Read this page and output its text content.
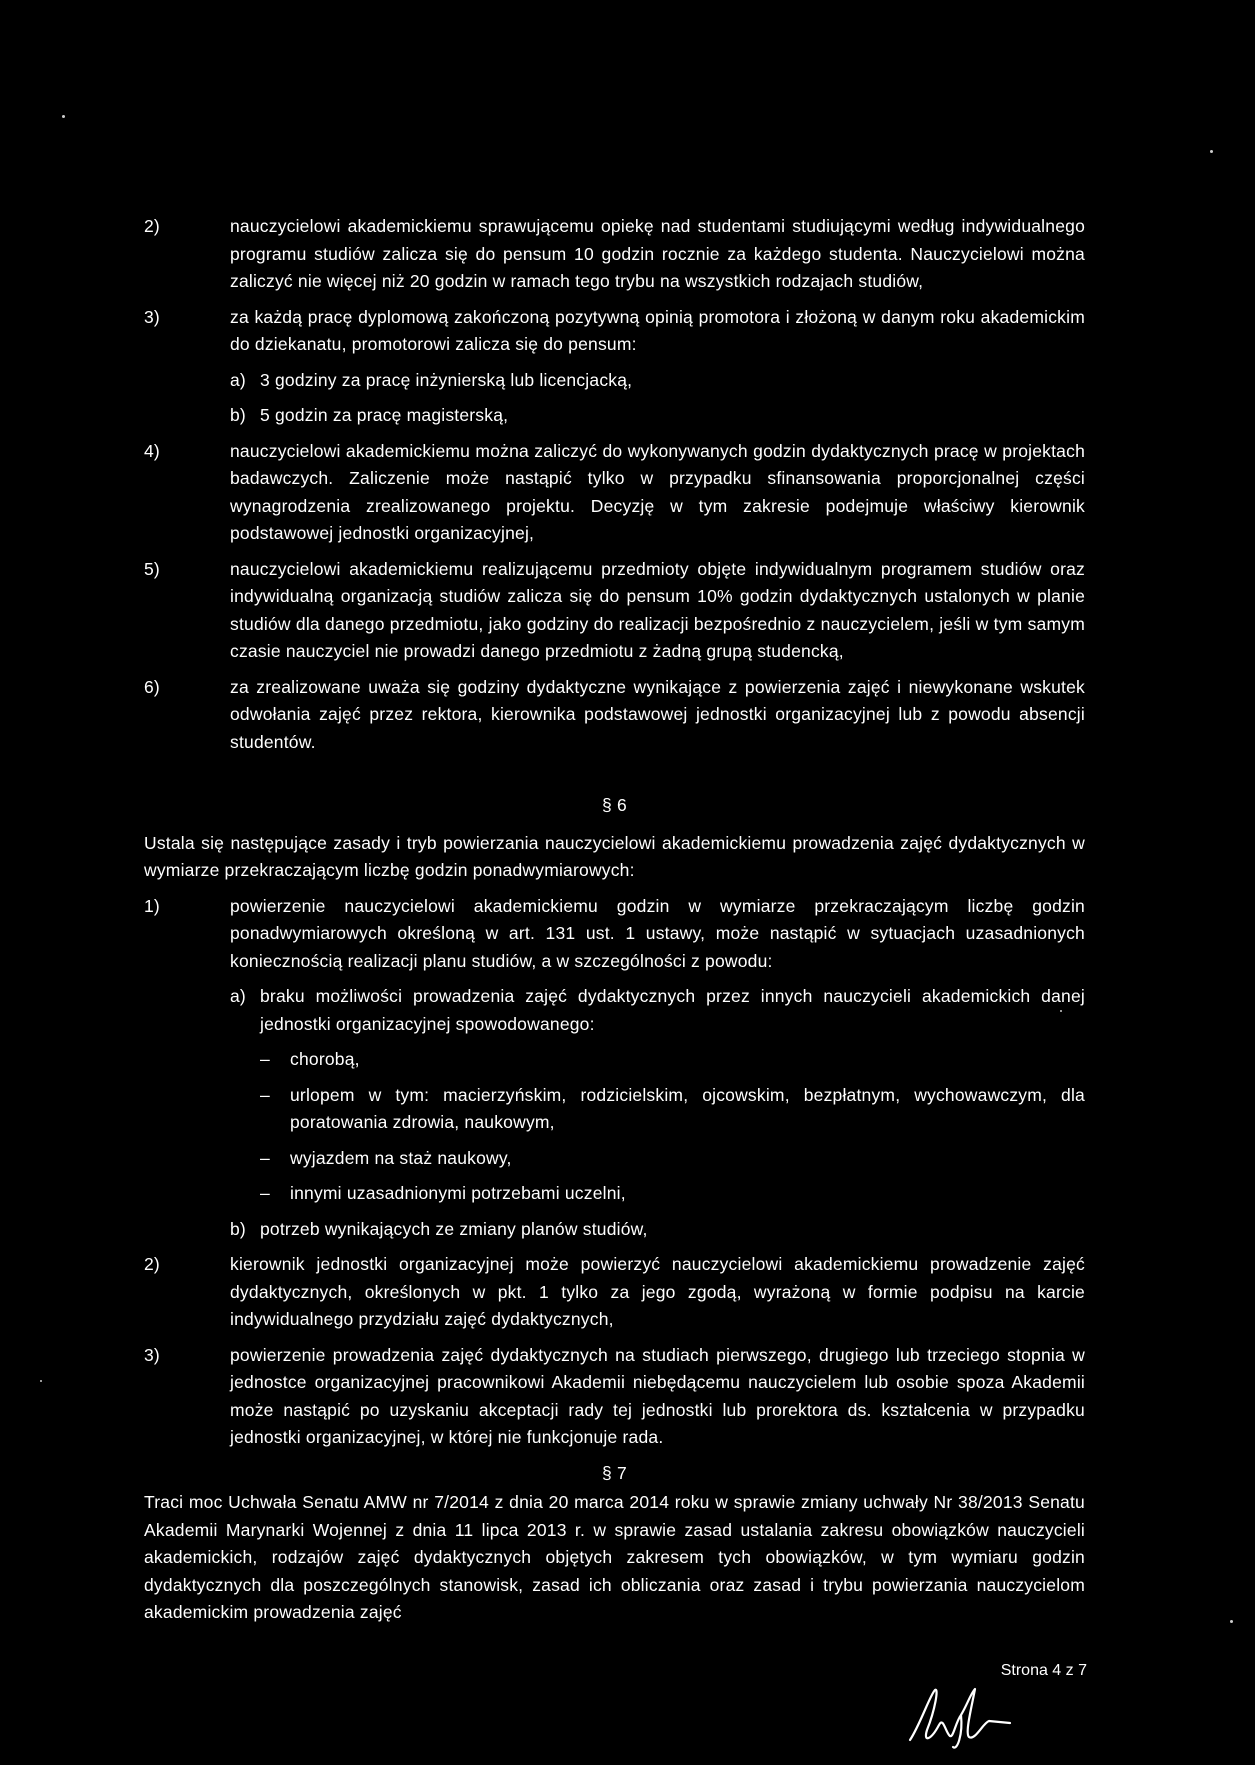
2)	nauczycielowi akademickiemu sprawującemu opiekę nad studentami studiującymi według indywidualnego programu studiów zalicza się do pensum 10 godzin rocznie za każdego studenta. Nauczycielowi można zaliczyć nie więcej niż 20 godzin w ramach tego trybu na wszystkich rodzajach studiów,
3)	za każdą pracę dyplomową zakończoną pozytywną opinią promotora i złożoną w danym roku akademickim do dziekanatu, promotorowi zalicza się do pensum:
a) 3 godziny za pracę inżynierską lub licencjacką,
b) 5 godzin za pracę magisterską,
4)	nauczycielowi akademickiemu można zaliczyć do wykonywanych godzin dydaktycznych pracę w projektach badawczych. Zaliczenie może nastąpić tylko w przypadku sfinansowania proporcjonalnej części wynagrodzenia zrealizowanego projektu. Decyzję w tym zakresie podejmuje właściwy kierownik podstawowej jednostki organizacyjnej,
5)	nauczycielowi akademickiemu realizującemu przedmioty objęte indywidualnym programem studiów oraz indywidualną organizacją studiów zalicza się do pensum 10% godzin dydaktycznych ustalonych w planie studiów dla danego przedmiotu, jako godziny do realizacji bezpośrednio z nauczycielem, jeśli w tym samym czasie nauczyciel nie prowadzi danego przedmiotu z żadną grupą studencką,
6)	za zrealizowane uważa się godziny dydaktyczne wynikające z powierzenia zajęć i niewykonane wskutek odwołania zajęć przez rektora, kierownika podstawowej jednostki organizacyjnej lub z powodu absencji studentów.
§ 6
Ustala się następujące zasady i tryb powierzania nauczycielowi akademickiemu prowadzenia zajęć dydaktycznych w wymiarze przekraczającym liczbę godzin ponadwymiarowych:
1)	powierzenie nauczycielowi akademickiemu godzin w wymiarze przekraczającym liczbę godzin ponadwymiarowych określoną w art. 131 ust. 1 ustawy, może nastąpić w sytuacjach uzasadnionych koniecznością realizacji planu studiów, a w szczególności z powodu:
a) braku możliwości prowadzenia zajęć dydaktycznych przez innych nauczycieli akademickich danej jednostki organizacyjnej spowodowanego:
–	chorobą,
–	urlopem w tym: macierzyńskim, rodzicielskim, ojcowskim, bezpłatnym, wychowawczym, dla poratowania zdrowia, naukowym,
–	wyjazdem na staż naukowy,
–	innymi uzasadnionymi potrzebami uczelni,
b) potrzeb wynikających ze zmiany planów studiów,
2)	kierownik jednostki organizacyjnej może powierzyć nauczycielowi akademickiemu prowadzenie zajęć dydaktycznych, określonych w pkt. 1 tylko za jego zgodą, wyrażoną w formie podpisu na karcie indywidualnego przydziału zajęć dydaktycznych,
3)	powierzenie prowadzenia zajęć dydaktycznych na studiach pierwszego, drugiego lub trzeciego stopnia w jednostce organizacyjnej pracownikowi Akademii niebędącemu nauczycielem lub osobie spoza Akademii może nastąpić po uzyskaniu akceptacji rady tej jednostki lub prorektora ds. kształcenia w przypadku jednostki organizacyjnej, w której nie funkcjonuje rada.
§ 7
Traci moc Uchwała Senatu AMW nr 7/2014 z dnia 20 marca 2014 roku w sprawie zmiany uchwały Nr 38/2013 Senatu Akademii Marynarki Wojennej z dnia 11 lipca 2013 r. w sprawie zasad ustalania zakresu obowiązków nauczycieli akademickich, rodzajów zajęć dydaktycznych objętych zakresem tych obowiązków, w tym wymiaru godzin dydaktycznych dla poszczególnych stanowisk, zasad ich obliczania oraz zasad i trybu powierzania nauczycielom akademickim prowadzenia zajęć
Strona 4 z 7
